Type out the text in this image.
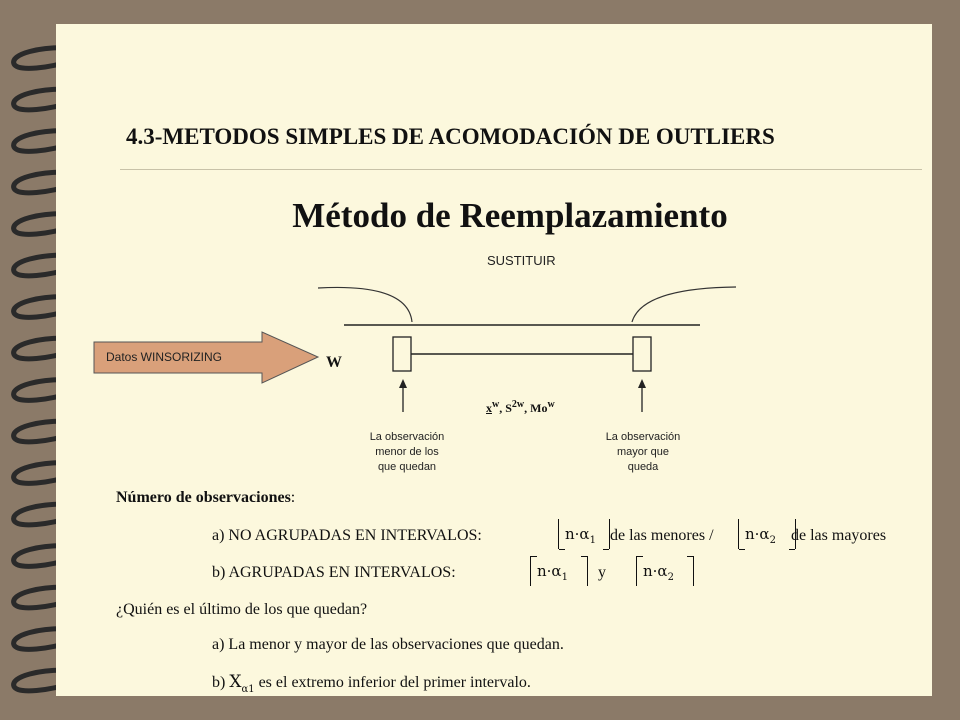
4.3-METODOS SIMPLES DE ACOMODACIÓN DE OUTLIERS
Método de Reemplazamiento
SUSTITUIR
Datos WINSORIZING	W
$x^w$, $S^{2w}$, Mo$^w$
La observación
menor de los
que quedan
La observación
mayor que
queda
Número de observaciones:
a) NO AGRUPADAS EN INTERVALOS:	$n\cdot\alpha_1$ de las menores / $n\cdot\alpha_2$ de las mayores
b) AGRUPADAS EN INTERVALOS:	$n\cdot\alpha_1$ y $n\cdot\alpha_2$
¿Quién es el último de los que quedan?
a) La menor y mayor de las observaciones que quedan.
b) $X_{\alpha 1}$ es el extremo inferior del primer intervalo.
